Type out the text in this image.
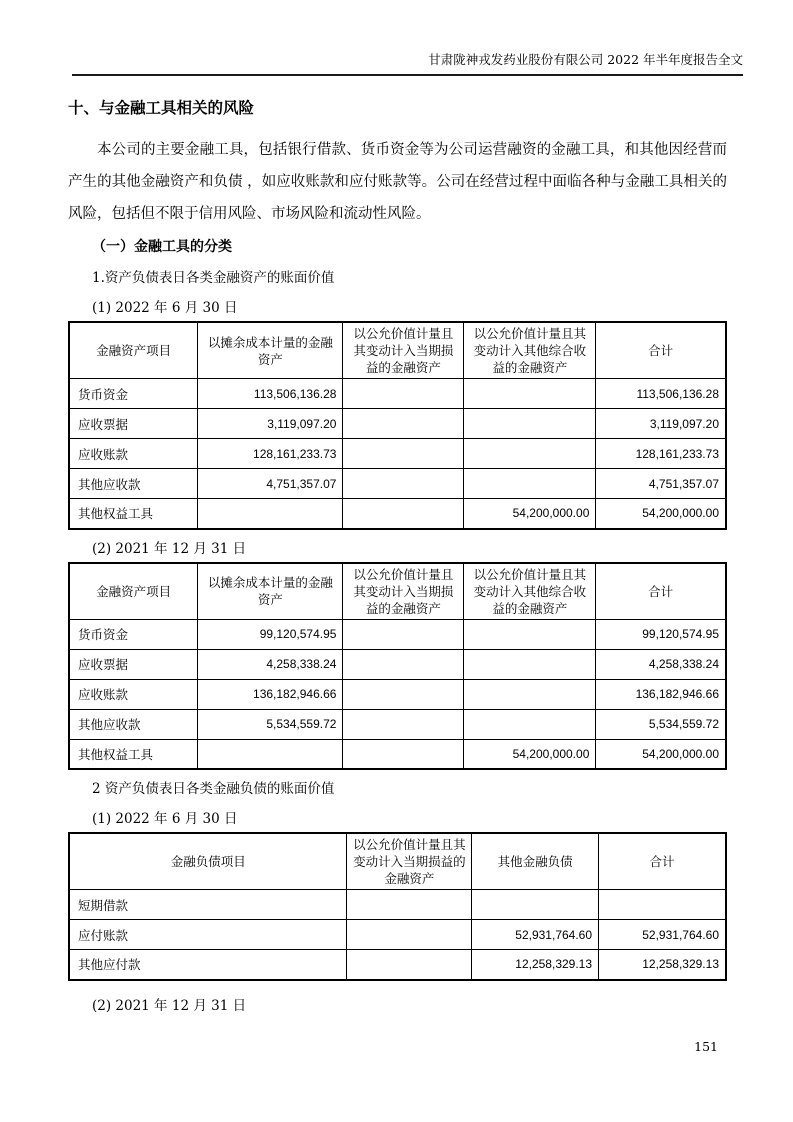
甘肃陇神戎发药业股份有限公司 2022 年半年度报告全文
十、与金融工具相关的风险
本公司的主要金融工具，包括银行借款、货币资金等为公司运营融资的金融工具，和其他因经营而产生的其他金融资产和负债 ，如应收账款和应付账款等。公司在经营过程中面临各种与金融工具相关的风险，包括但不限于信用风险、市场风险和流动性风险。
（一）金融工具的分类
1.资产负债表日各类金融资产的账面价值
(1) 2022 年 6 月 30 日
金融资产项目	以摊余成本计量的金融资产	以公允价值计量且其变动计入当期损益的金融资产	以公允价值计量且其变动计入其他综合收益的金融资产	合计
货币资金	113,506,136.28			113,506,136.28
应收票据	3,119,097.20			3,119,097.20
应收账款	128,161,233.73			128,161,233.73
其他应收款	4,751,357.07			4,751,357.07
其他权益工具			54,200,000.00	54,200,000.00
(2) 2021 年 12 月 31 日
金融资产项目	以摊余成本计量的金融资产	以公允价值计量且其变动计入当期损益的金融资产	以公允价值计量且其变动计入其他综合收益的金融资产	合计
货币资金	99,120,574.95			99,120,574.95
应收票据	4,258,338.24			4,258,338.24
应收账款	136,182,946.66			136,182,946.66
其他应收款	5,534,559.72			5,534,559.72
其他权益工具			54,200,000.00	54,200,000.00
2 资产负债表日各类金融负债的账面价值
(1) 2022 年 6 月 30 日
金融负债项目	以公允价值计量且其变动计入当期损益的金融资产	其他金融负债	合计
短期借款			
应付账款		52,931,764.60	52,931,764.60
其他应付款		12,258,329.13	12,258,329.13
(2) 2021 年 12 月 31 日
151
